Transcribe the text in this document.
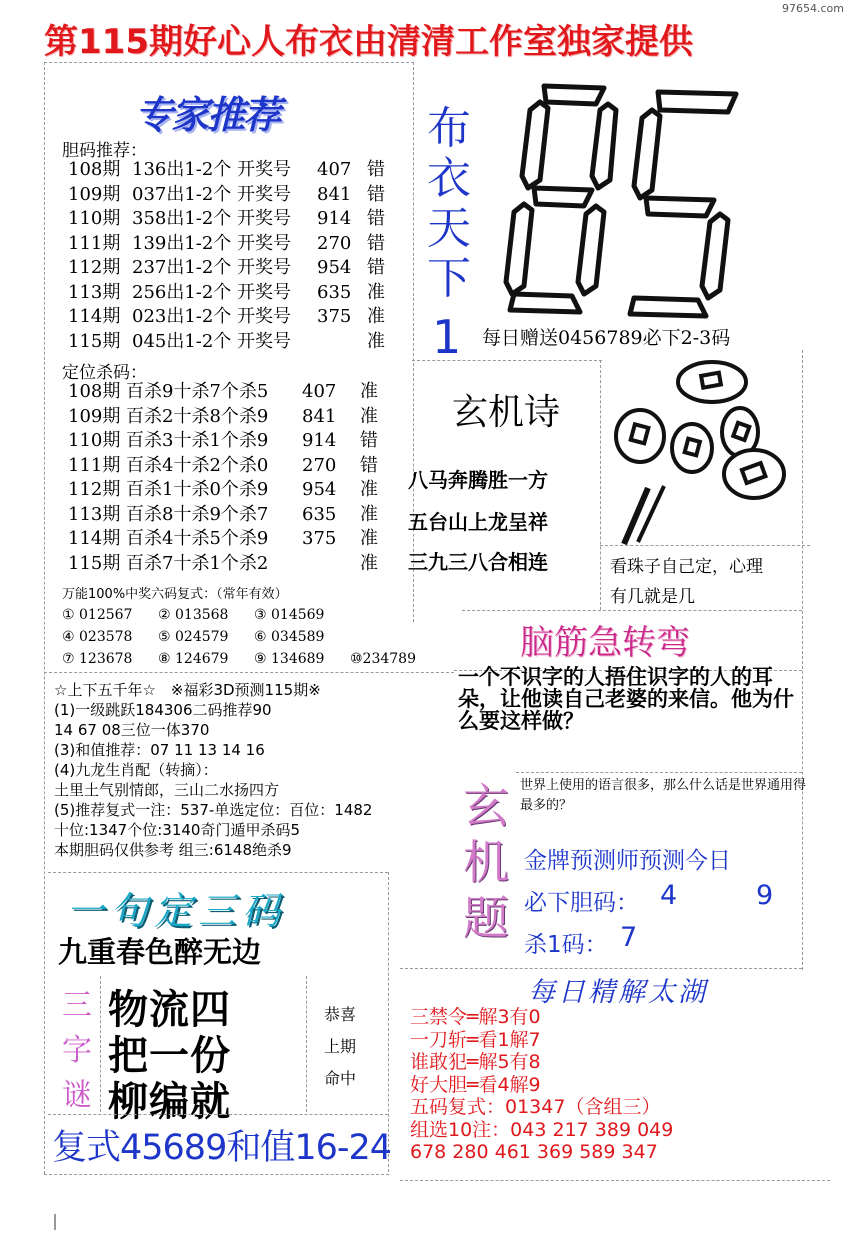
97654.com
第115期好心人布衣由清清工作室独家提供
专家推荐
胆码推荐：
108期 136出1-2个 开奖号 407 错
109期 037出1-2个 开奖号 841 错
110期 358出1-2个 开奖号 914 错
111期 139出1-2个 开奖号 270 错
112期 237出1-2个 开奖号 954 错
113期 256出1-2个 开奖号 635 准
114期 023出1-2个 开奖号 375 准
115期 045出1-2个 开奖号	准
定位杀码：
108期 百杀9十杀7个杀5 407 准
109期 百杀2十杀8个杀9 841 准
110期 百杀3十杀1个杀9 914 错
111期 百杀4十杀2个杀0 270 错
112期 百杀1十杀0个杀9 954 准
113期 百杀8十杀9个杀7 635 准
114期 百杀4十杀5个杀9 375 准
115期 百杀7十杀1个杀2	准
万能100%中奖六码复式：（常年有效）
① 012567 ② 013568 ③ 014569
④ 023578 ⑤ 024579 ⑥ 034589
⑦ 123678 ⑧ 124679 ⑨ 134689 ⑩234789
☆上下五千年☆　※福彩3D预测115期※
(1)一级跳跃184306二码推荐90
14 67 08三位一体370
(3)和值推荐：07 11 13 14 16
(4)九龙生肖配（转摘）：
土里土气别情郎，三山二水扬四方
(5)推荐复式一注：537-单选定位：百位：1482
十位:1347个位:3140奇门遁甲杀码5
本期胆码仅供参考 组三:6148绝杀9
布衣天下
1 每日赠送0456789必下2-3码
玄机诗
八马奔腾胜一方
五台山上龙呈祥
三九三八合相连	看珠子自己定，心理
有几就是几
脑筋急转弯
一个不识字的人捂住识字的人的耳朵，让他读自己老婆的来信。他为什么要这样做？
玄机题
世界上使用的语言很多，那么什么话是世界通用得最多的？
金牌预测师预测今日
必下胆码： 4	9
杀1码： 7
每日精解太湖
三禁令═解3有0
一刀斩═看1解7
谁敢犯═解5有8
好大胆═看4解9
五码复式：01347（含组三）
组选10注：043 217 389 049
678 280 461 369 589 347
一句定三码
九重春色醉无边
三字谜
物流四
把一份
柳编就
恭喜
上期
命中
复式45689和值16-24
